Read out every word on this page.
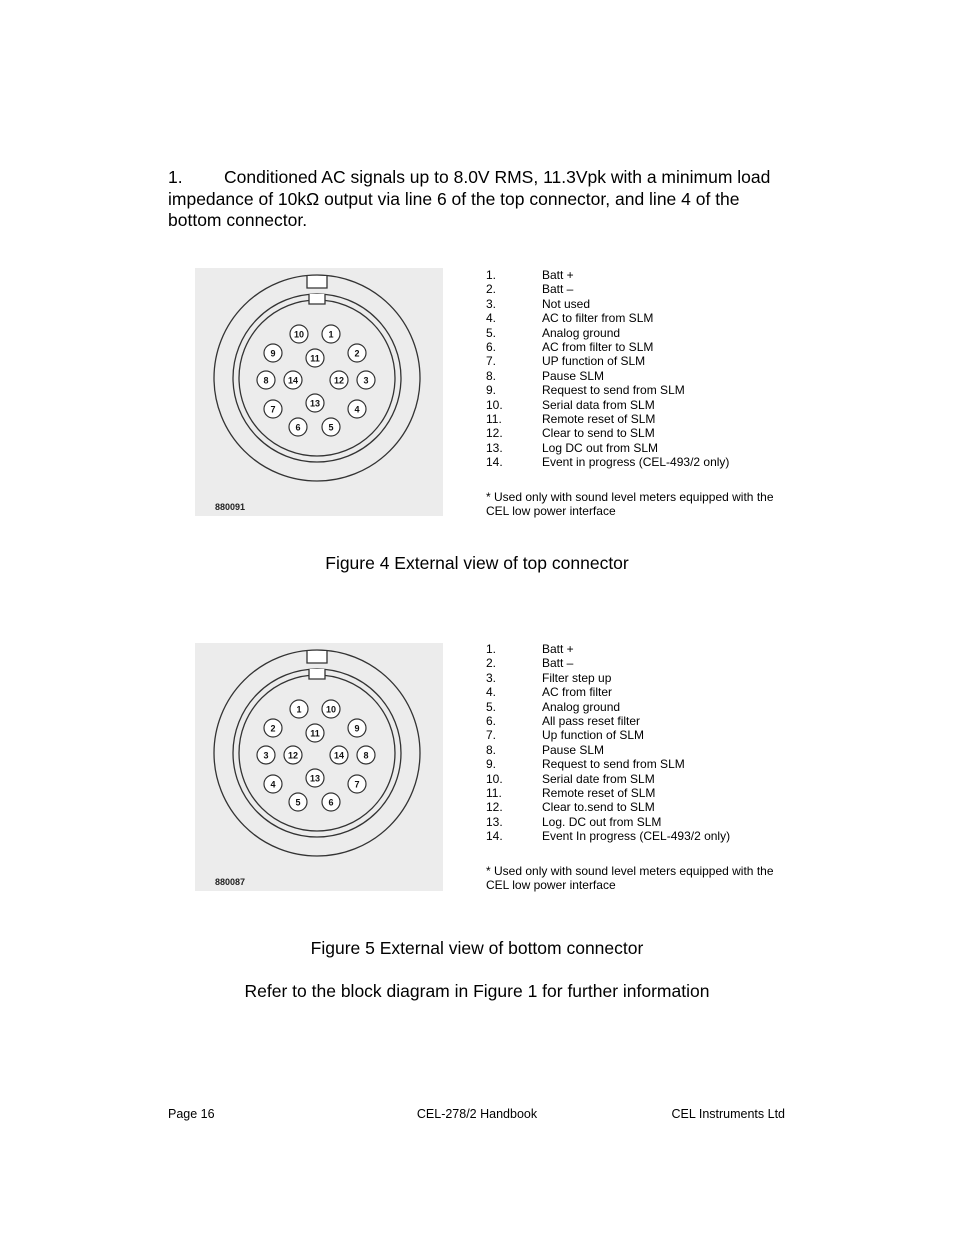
1. Conditioned AC signals up to 8.0V RMS, 11.3Vpk with a minimum load impedance of 10kΩ output via line 6 of the top connector, and line 4 of the bottom connector.
10	1
9	11	2
8 14	12 3
13
7	4
6	5
880091
1.	Batt +
2.	Batt –
3.	Not used
4.	AC to filter from SLM
5.	Analog ground
6.	AC from filter to SLM
7.	UP function of SLM
8.	Pause SLM
9.	Request to send from SLM
10.	Serial data from SLM
11.	Remote reset of SLM
12.	Clear to send to SLM
13.	Log DC out from SLM
14.	Event in progress (CEL-493/2 only)
* Used only with sound level meters equipped with the CEL low power interface
Figure 4 External view of top connector
1	10
2	11	9
3 12	14 8
13
4	7
5	6
880087
1.	Batt +
2.	Batt –
3.	Filter step up
4.	AC from filter
5.	Analog ground
6.	All pass reset filter
7.	Up function of SLM
8.	Pause SLM
9.	Request to send from SLM
10.	Serial date from SLM
11.	Remote reset of SLM
12.	Clear to.send to SLM
13.	Log. DC out from SLM
14.	Event In progress (CEL-493/2 only)
* Used only with sound level meters equipped with the CEL low power interface
Figure 5 External view of bottom connector
Refer to the block diagram in Figure 1 for further information
Page 16	CEL-278/2 Handbook	CEL Instruments Ltd
